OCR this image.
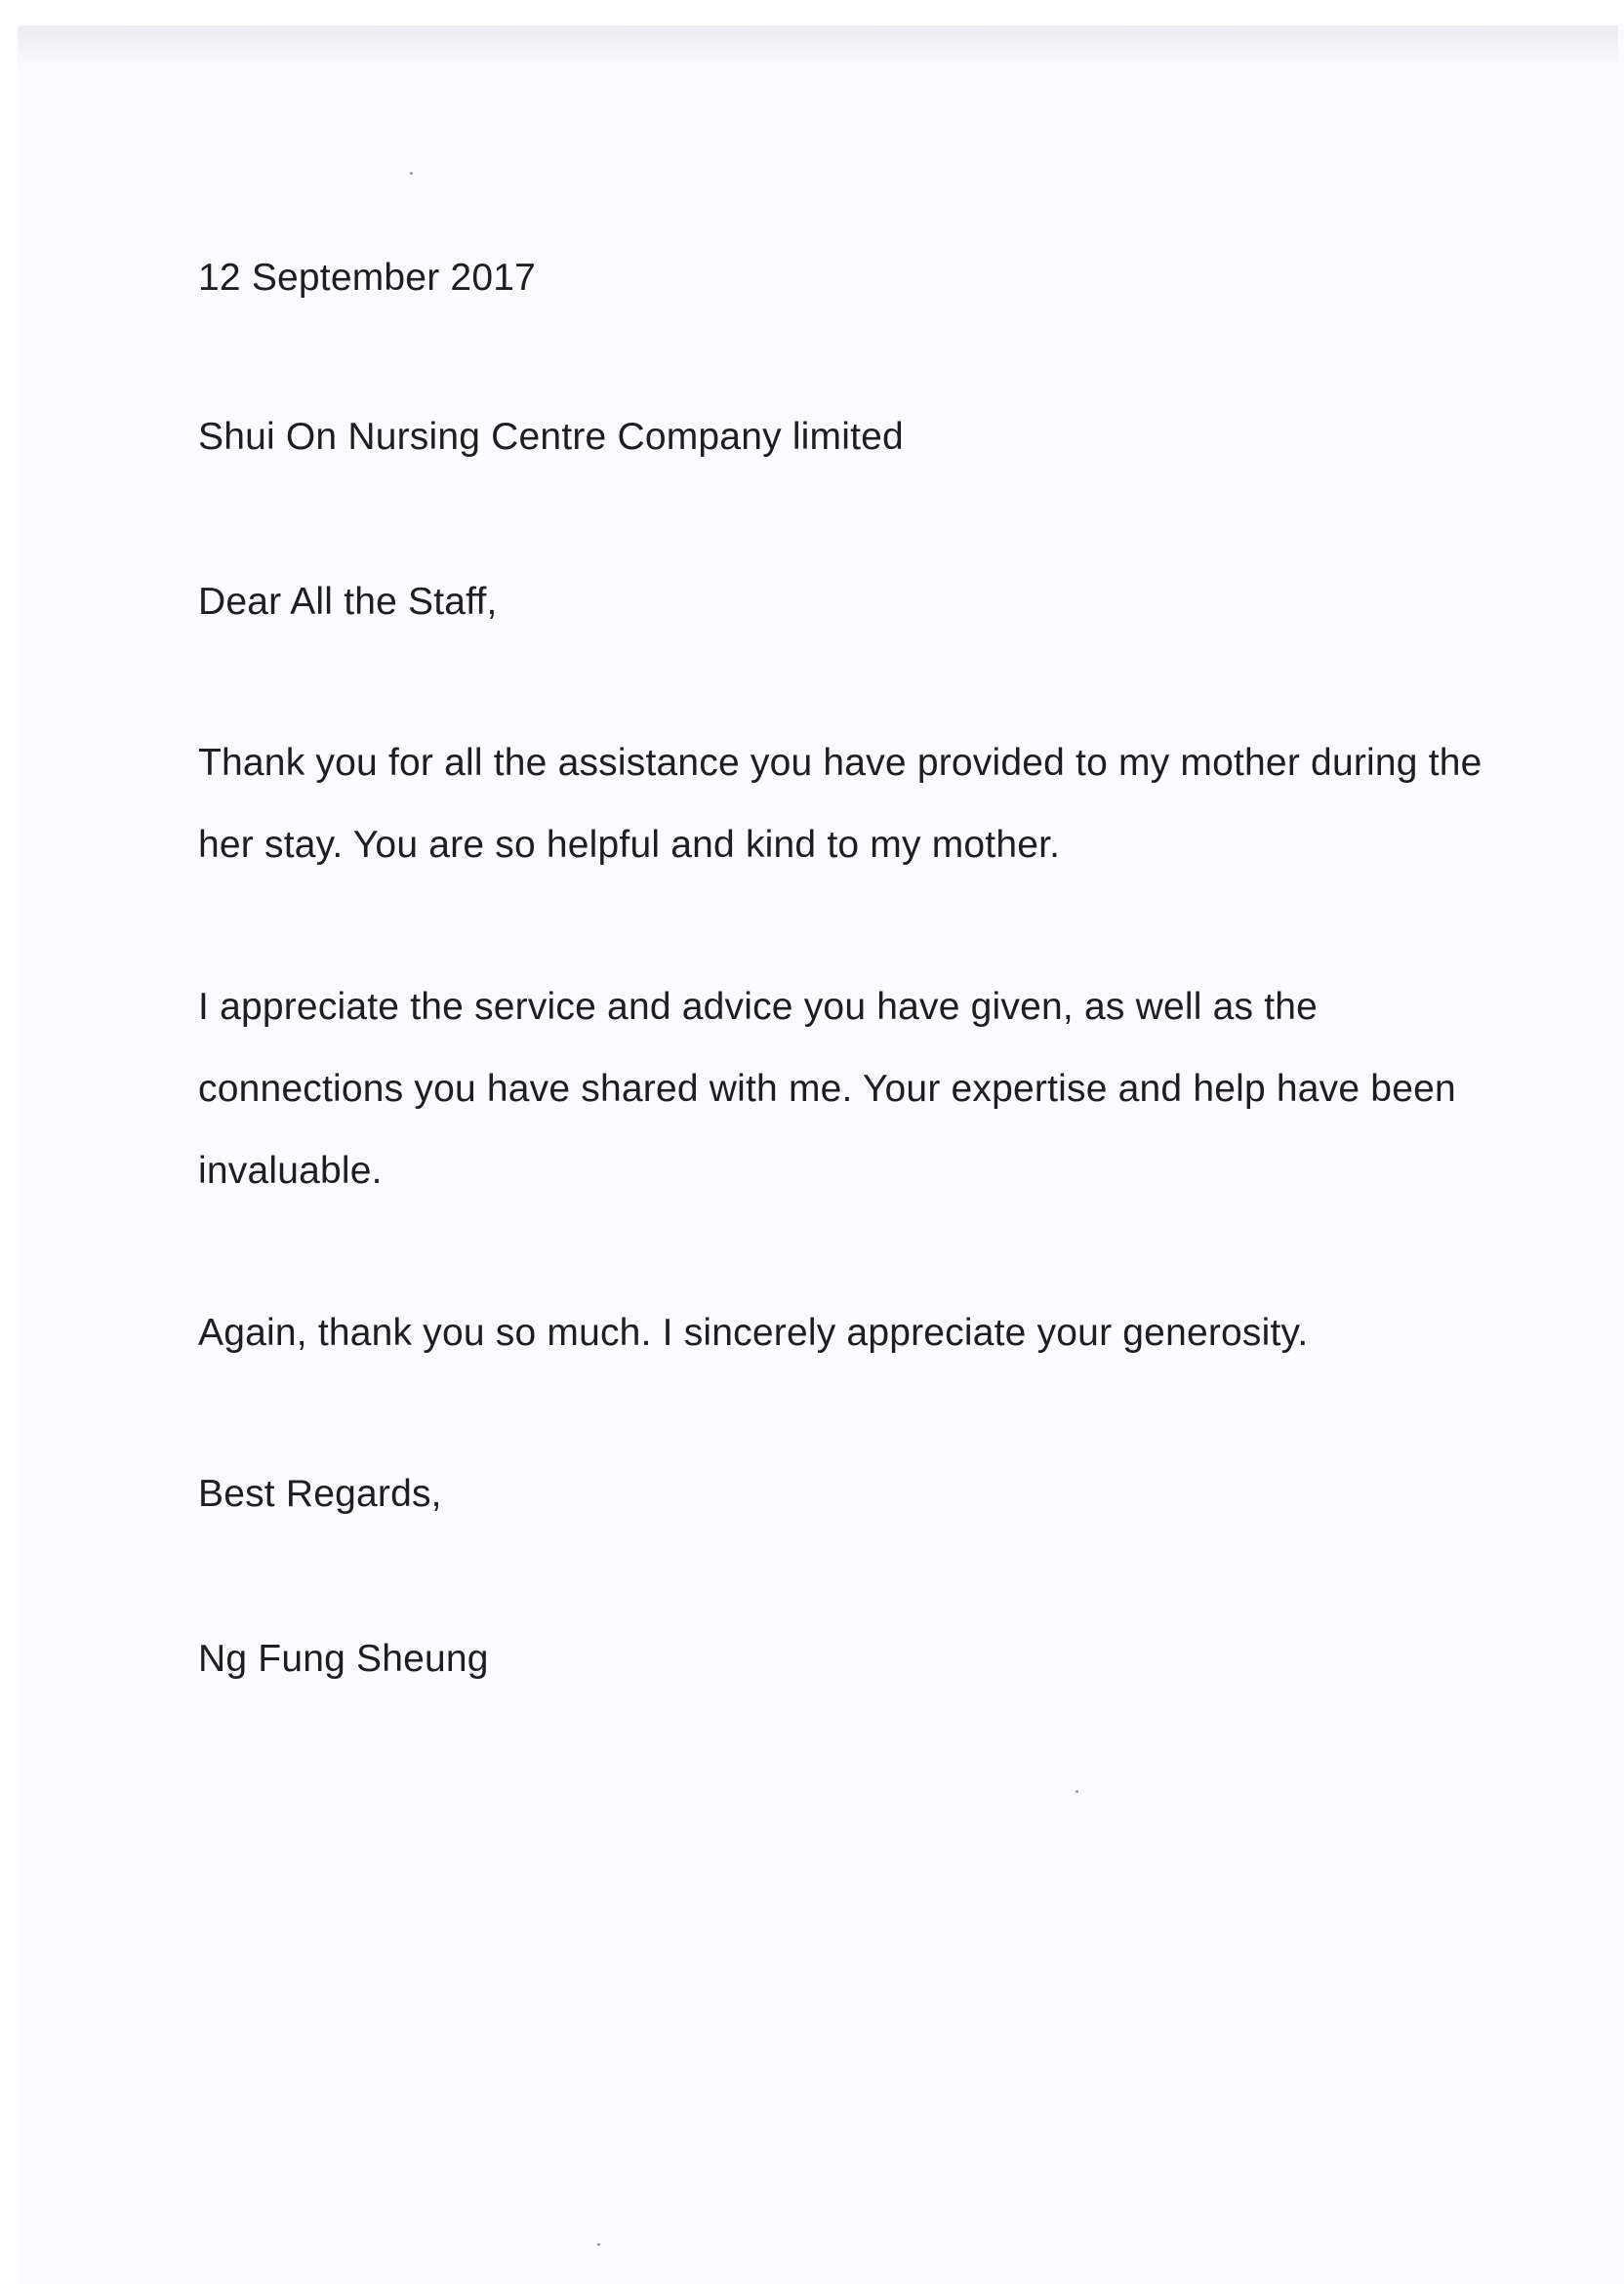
12 September 2017
Shui On Nursing Centre Company limited
Dear All the Staff,
Thank you for all the assistance you have provided to my mother during the her stay. You are so helpful and kind to my mother.
I appreciate the service and advice you have given, as well as the connections you have shared with me. Your expertise and help have been invaluable.
Again, thank you so much. I sincerely appreciate your generosity.
Best Regards,
Ng Fung Sheung
